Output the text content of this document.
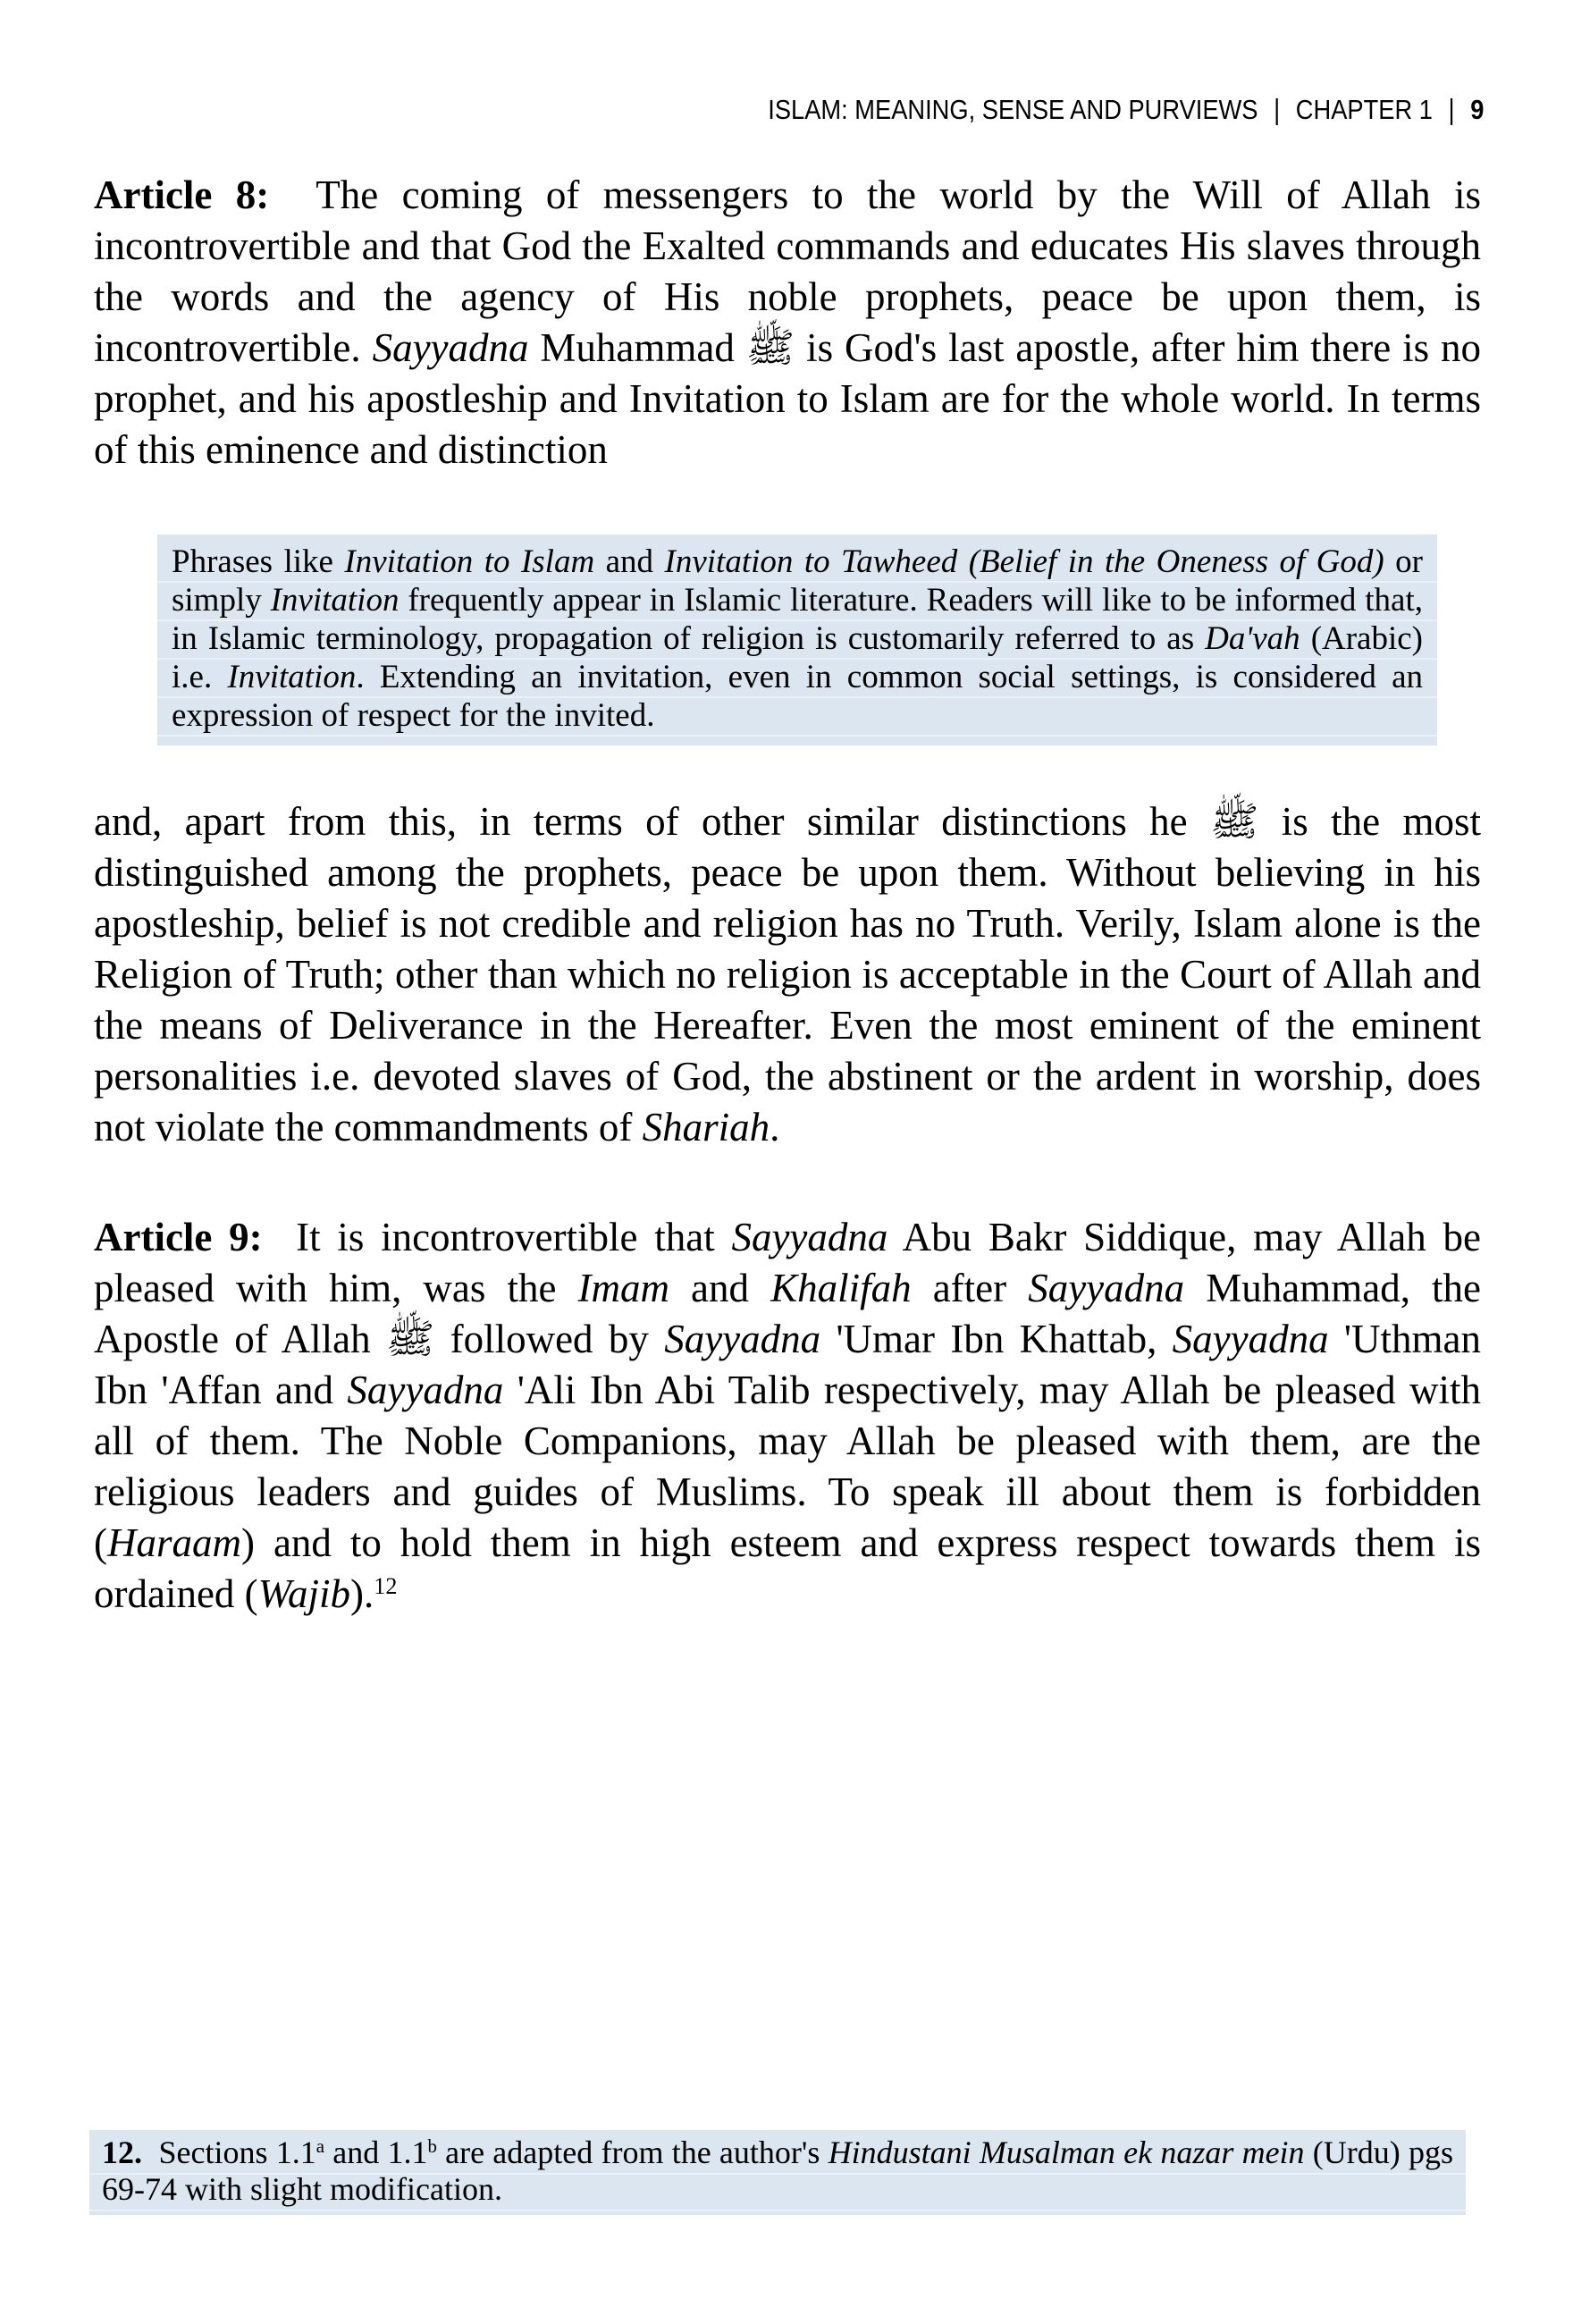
ISLAM: MEANING, SENSE AND PURVIEWS | CHAPTER 1 | 9

Article 8:  The coming of messengers to the world by the Will of Allah is incontrovertible and that God the Exalted commands and educates His slaves through the words and the agency of His noble prophets, peace be upon them, is incontrovertible. Sayyadna Muhammad ﷺ is God's last apostle, after him there is no prophet, and his apostleship and Invitation to Islam are for the whole world. In terms of this eminence and distinction

Phrases like Invitation to Islam and Invitation to Tawheed (Belief in the Oneness of God) or simply Invitation frequently appear in Islamic literature. Readers will like to be informed that, in Islamic terminology, propagation of religion is customarily referred to as Da'vah (Arabic) i.e. Invitation. Extending an invitation, even in common social settings, is considered an expression of respect for the invited.

and, apart from this, in terms of other similar distinctions he ﷺ is the most distinguished among the prophets, peace be upon them. Without believing in his apostleship, belief is not credible and religion has no Truth. Verily, Islam alone is the Religion of Truth; other than which no religion is acceptable in the Court of Allah and the means of Deliverance in the Hereafter. Even the most eminent of the eminent personalities i.e. devoted slaves of God, the abstinent or the ardent in worship, does not violate the commandments of Shariah.

Article 9:  It is incontrovertible that Sayyadna Abu Bakr Siddique, may Allah be pleased with him, was the Imam and Khalifah after Sayyadna Muhammad, the Apostle of Allah ﷺ followed by Sayyadna 'Umar Ibn Khattab, Sayyadna 'Uthman Ibn 'Affan and Sayyadna 'Ali Ibn Abi Talib respectively, may Allah be pleased with all of them. The Noble Companions, may Allah be pleased with them, are the religious leaders and guides of Muslims. To speak ill about them is forbidden (Haraam) and to hold them in high esteem and express respect towards them is ordained (Wajib).$^{12}$

12.  Sections 1.1$^a$ and 1.1$^b$ are adapted from the author's Hindustani Musalman ek nazar mein (Urdu) pgs 69-74 with slight modification.
